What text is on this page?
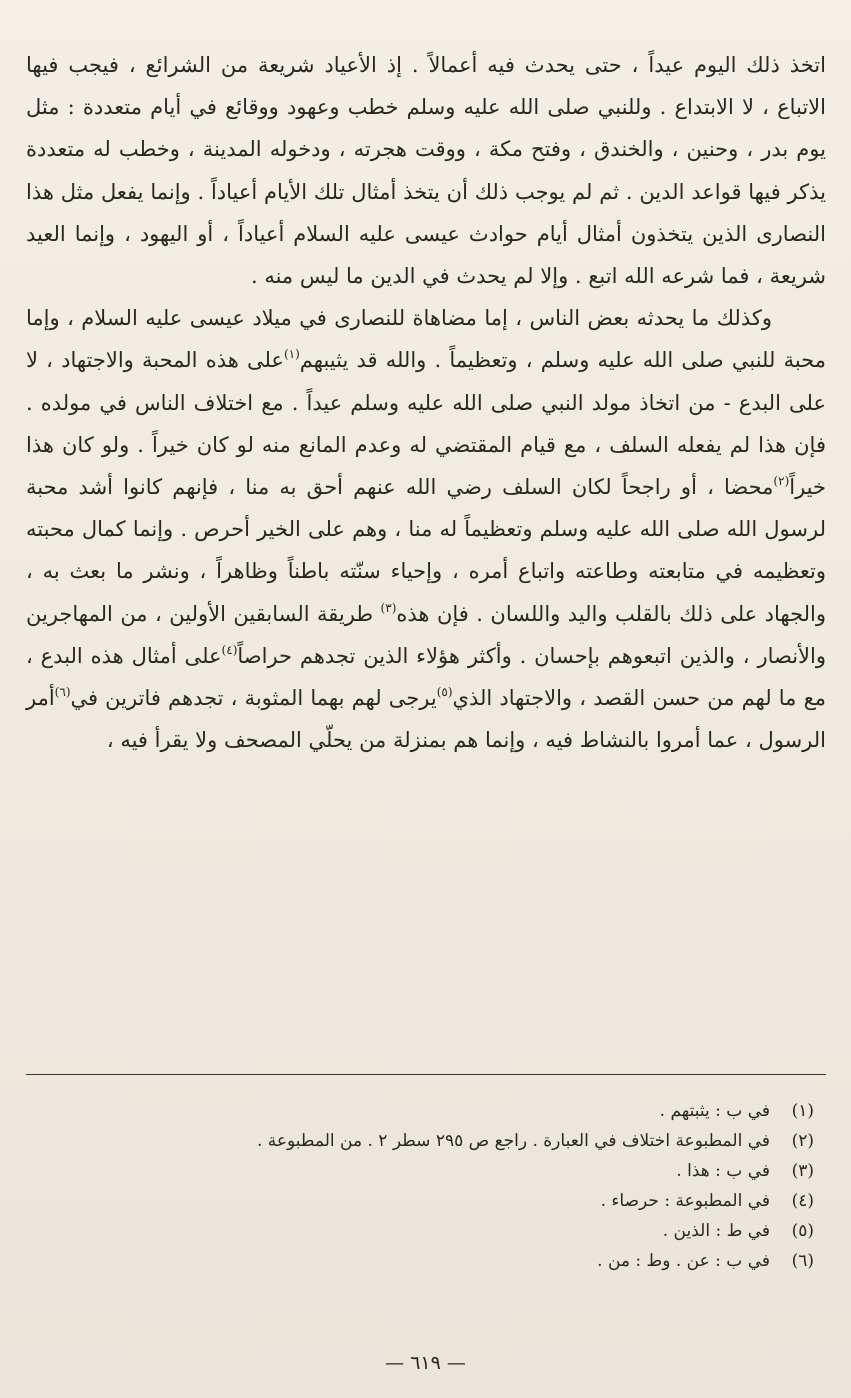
اتخذ ذلك اليوم عيداً ، حتى يحدث فيه أعمالاً . إذ الأعياد شريعة من الشرائع ، فيجب فيها الاتباع ، لا الابتداع . وللنبي صلى الله عليه وسلم خطب وعهود ووقائع في أيام متعددة : مثل يوم بدر ، وحنين ، والخندق ، وفتح مكة ، ووقت هجرته ، ودخوله المدينة ، وخطب له متعددة يذكر فيها قواعد الدين . ثم لم يوجب ذلك أن يتخذ أمثال تلك الأيام أعياداً . وإنما يفعل مثل هذا النصارى الذين يتخذون أمثال أيام حوادث عيسى عليه السلام أعياداً ، أو اليهود ، وإنما العيد شريعة ، فما شرعه الله اتبع . وإلا لم يحدث في الدين ما ليس منه .

وكذلك ما يحدثه بعض الناس ، إما مضاهاة للنصارى في ميلاد عيسى عليه السلام ، وإما محبة للنبي صلى الله عليه وسلم ، وتعظيماً . والله قد يثيبهم$^{(١)}$على هذه المحبة والاجتهاد ، لا على البدع - من اتخاذ مولد النبي صلى الله عليه وسلم عيداً . مع اختلاف الناس في مولده . فإن هذا لم يفعله السلف ، مع قيام المقتضي له وعدم المانع منه لو كان خيراً . ولو كان هذا خيراً$^{(٢)}$محضا ، أو راجحاً لكان السلف رضي الله عنهم أحق به منا ، فإنهم كانوا أشد محبة لرسول الله صلى الله عليه وسلم وتعظيماً له منا ، وهم على الخير أحرص . وإنما كمال محبته وتعظيمه في متابعته وطاعته واتباع أمره ، وإحياء سنّته باطناً وظاهراً ، ونشر ما بعث به ، والجهاد على ذلك بالقلب واليد واللسان . فإن هذه$^{(٣)}$ طريقة السابقين الأولين ، من المهاجرين والأنصار ، والذين اتبعوهم بإحسان . وأكثر هؤلاء الذين تجدهم حراصاً$^{(٤)}$على أمثال هذه البدع ، مع ما لهم من حسن القصد ، والاجتهاد الذي$^{(٥)}$يرجى لهم بهما المثوبة ، تجدهم فاترين في$^{(٦)}$أمر الرسول ، عما أمروا بالنشاط فيه ، وإنما هم بمنزلة من يحلّي المصحف ولا يقرأ فيه ،

(١)في ب : يثبتهم .
(٢)في المطبوعة اختلاف في العبارة . راجع ص ٢٩٥ سطر ٢ . من المطبوعة .
(٣)في ب : هذا .
(٤)في المطبوعة : حرصاء .
(٥)في ط : الذين .
(٦)في ب : عن . وط : من .
— ٦١٩ —
